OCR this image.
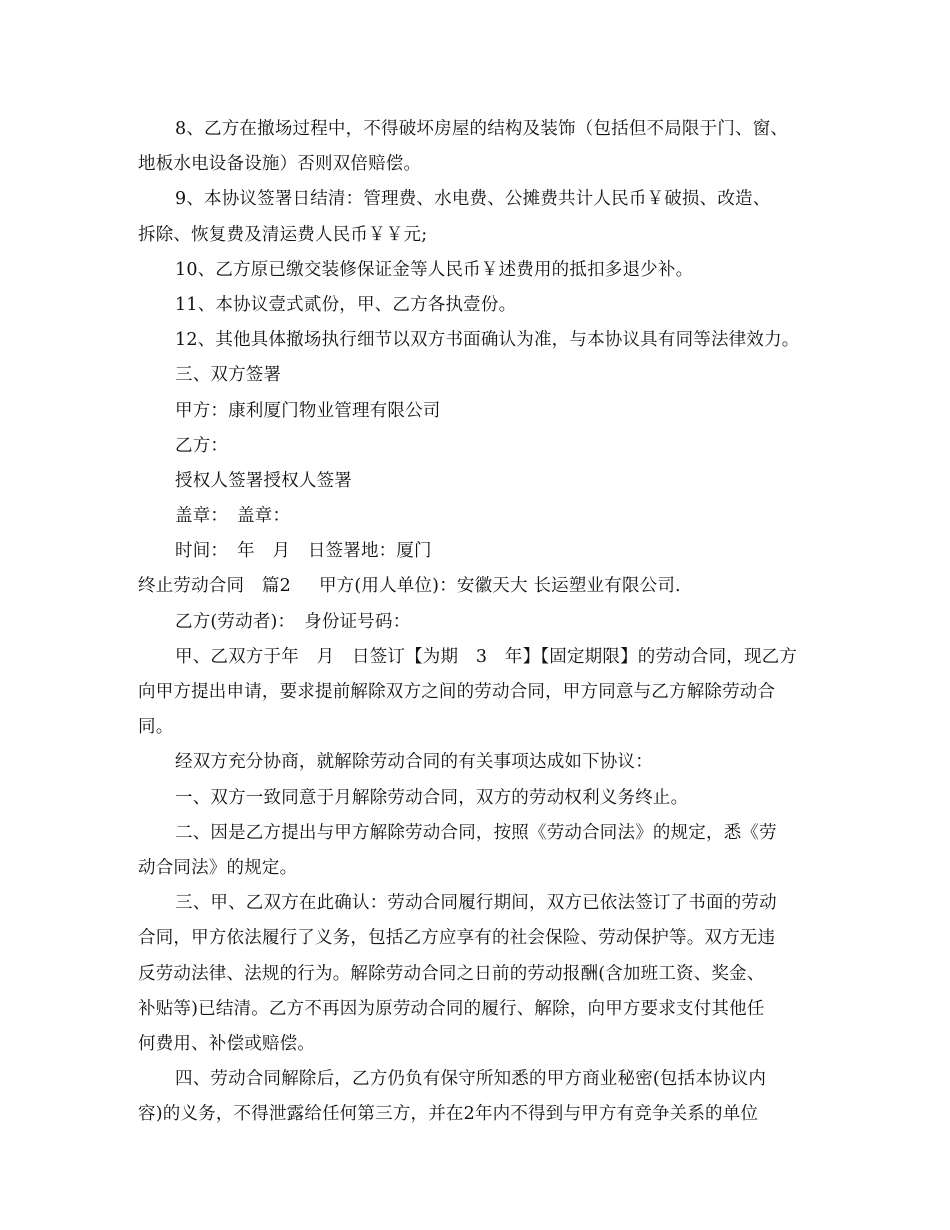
8、乙方在撤场过程中，不得破坏房屋的结构及装饰（包括但不局限于门、窗、
地板水电设备设施）否则双倍赔偿。
9、本协议签署日结清：管理费、水电费、公摊费共计人民币￥破损、改造、
拆除、恢复费及清运费人民币￥￥元;
10、乙方原已缴交装修保证金等人民币￥述费用的抵扣多退少补。
11、本协议壹式贰份，甲、乙方各执壹份。
12、其他具体撤场执行细节以双方书面确认为准，与本协议具有同等法律效力。
三、双方签署
甲方：康利厦门物业管理有限公司
乙方：
授权人签署授权人签署
盖章：　盖章：
时间：　年　月　日签署地：厦门
终止劳动合同　篇2 甲方(用人单位)：安徽天大 长运塑业有限公司.
乙方(劳动者)：　身份证号码：
甲、乙双方于年　月　日签订【为期　3　年】【固定期限】的劳动合同，现乙方
向甲方提出申请，要求提前解除双方之间的劳动合同，甲方同意与乙方解除劳动合
同。
经双方充分协商，就解除劳动合同的有关事项达成如下协议：
一、双方一致同意于月解除劳动合同，双方的劳动权利义务终止。
二、因是乙方提出与甲方解除劳动合同，按照《劳动合同法》的规定，悉《劳
动合同法》的规定。
三、甲、乙双方在此确认：劳动合同履行期间，双方已依法签订了书面的劳动
合同，甲方依法履行了义务，包括乙方应享有的社会保险、劳动保护等。双方无违
反劳动法律、法规的行为。解除劳动合同之日前的劳动报酬(含加班工资、奖金、
补贴等)已结清。乙方不再因为原劳动合同的履行、解除，向甲方要求支付其他任
何费用、补偿或赔偿。
四、劳动合同解除后，乙方仍负有保守所知悉的甲方商业秘密(包括本协议内
容)的义务，不得泄露给任何第三方，并在2年内不得到与甲方有竞争关系的单位
